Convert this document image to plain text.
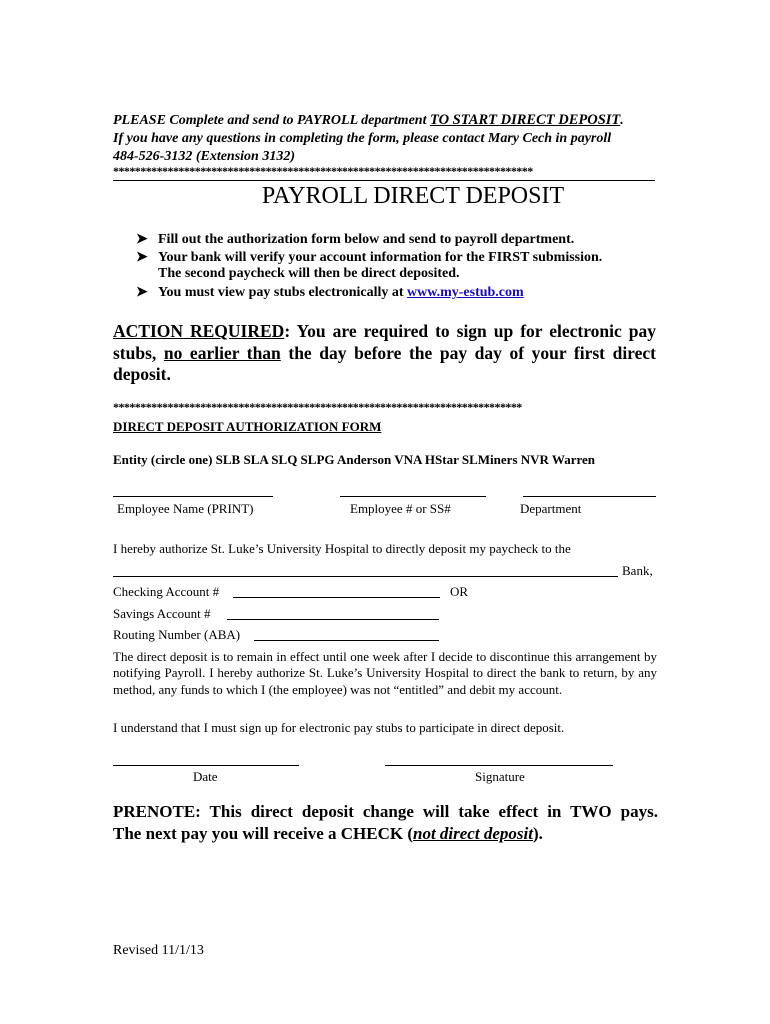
PLEASE Complete and send to PAYROLL department TO START DIRECT DEPOSIT.
If you have any questions in completing the form, please contact Mary Cech in payroll
484-526-3132 (Extension 3132)
*****************************************************************************
PAYROLL DIRECT DEPOSIT
➤ Fill out the authorization form below and send to payroll department.
➤ Your bank will verify your account information for the FIRST submission.
The second paycheck will then be direct deposited.
➤ You must view pay stubs electronically at www.my-estub.com
ACTION REQUIRED: You are required to sign up for electronic pay
stubs, no earlier than the day before the pay day of your first direct
deposit.
***************************************************************************
DIRECT DEPOSIT AUTHORIZATION FORM
Entity (circle one) SLB SLA SLQ SLPG Anderson VNA HStar SLMiners NVR Warren
Employee Name (PRINT)	Employee # or SS#	Department
I hereby authorize St. Luke’s University Hospital to directly deposit my paycheck to the
Bank,
Checking Account #	OR
Savings Account #
Routing Number (ABA)
The direct deposit is to remain in effect until one week after I decide to discontinue this arrangement by notifying Payroll. I hereby authorize St. Luke’s University Hospital to direct the bank to return, by any method, any funds to which I (the employee) was not “entitled” and debit my account.
I understand that I must sign up for electronic pay stubs to participate in direct deposit.
Date	Signature
PRENOTE: This direct deposit change will take effect in TWO pays.
The next pay you will receive a CHECK (not direct deposit).
Revised 11/1/13
